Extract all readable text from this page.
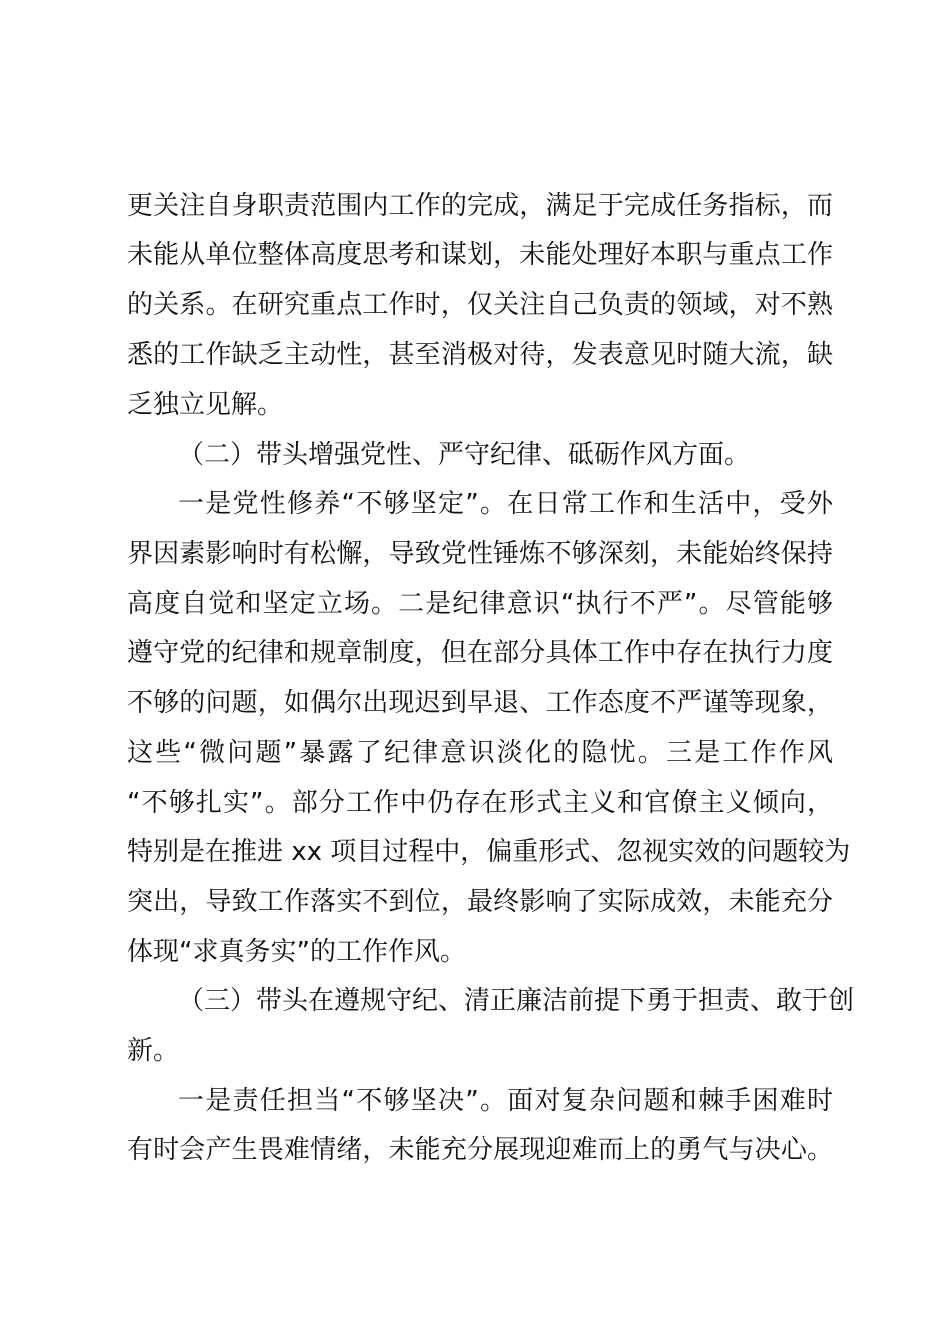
更关注自身职责范围内工作的完成，满足于完成任务指标，而
未能从单位整体高度思考和谋划，未能处理好本职与重点工作
的关系。在研究重点工作时，仅关注自己负责的领域，对不熟
悉的工作缺乏主动性，甚至消极对待，发表意见时随大流，缺
乏独立见解。
（二）带头增强党性、严守纪律、砥砺作风方面。
一是党性修养“不够坚定”。在日常工作和生活中，受外
界因素影响时有松懈，导致党性锤炼不够深刻，未能始终保持
高度自觉和坚定立场。二是纪律意识“执行不严”。尽管能够
遵守党的纪律和规章制度，但在部分具体工作中存在执行力度
不够的问题，如偶尔出现迟到早退、工作态度不严谨等现象，
这些“微问题”暴露了纪律意识淡化的隐忧。三是工作作风
“不够扎实”。部分工作中仍存在形式主义和官僚主义倾向，
特别是在推进 xx 项目过程中，偏重形式、忽视实效的问题较为
突出，导致工作落实不到位，最终影响了实际成效，未能充分
体现“求真务实”的工作作风。
（三）带头在遵规守纪、清正廉洁前提下勇于担责、敢于创
新。
一是责任担当“不够坚决”。面对复杂问题和棘手困难时
有时会产生畏难情绪，未能充分展现迎难而上的勇气与决心。
